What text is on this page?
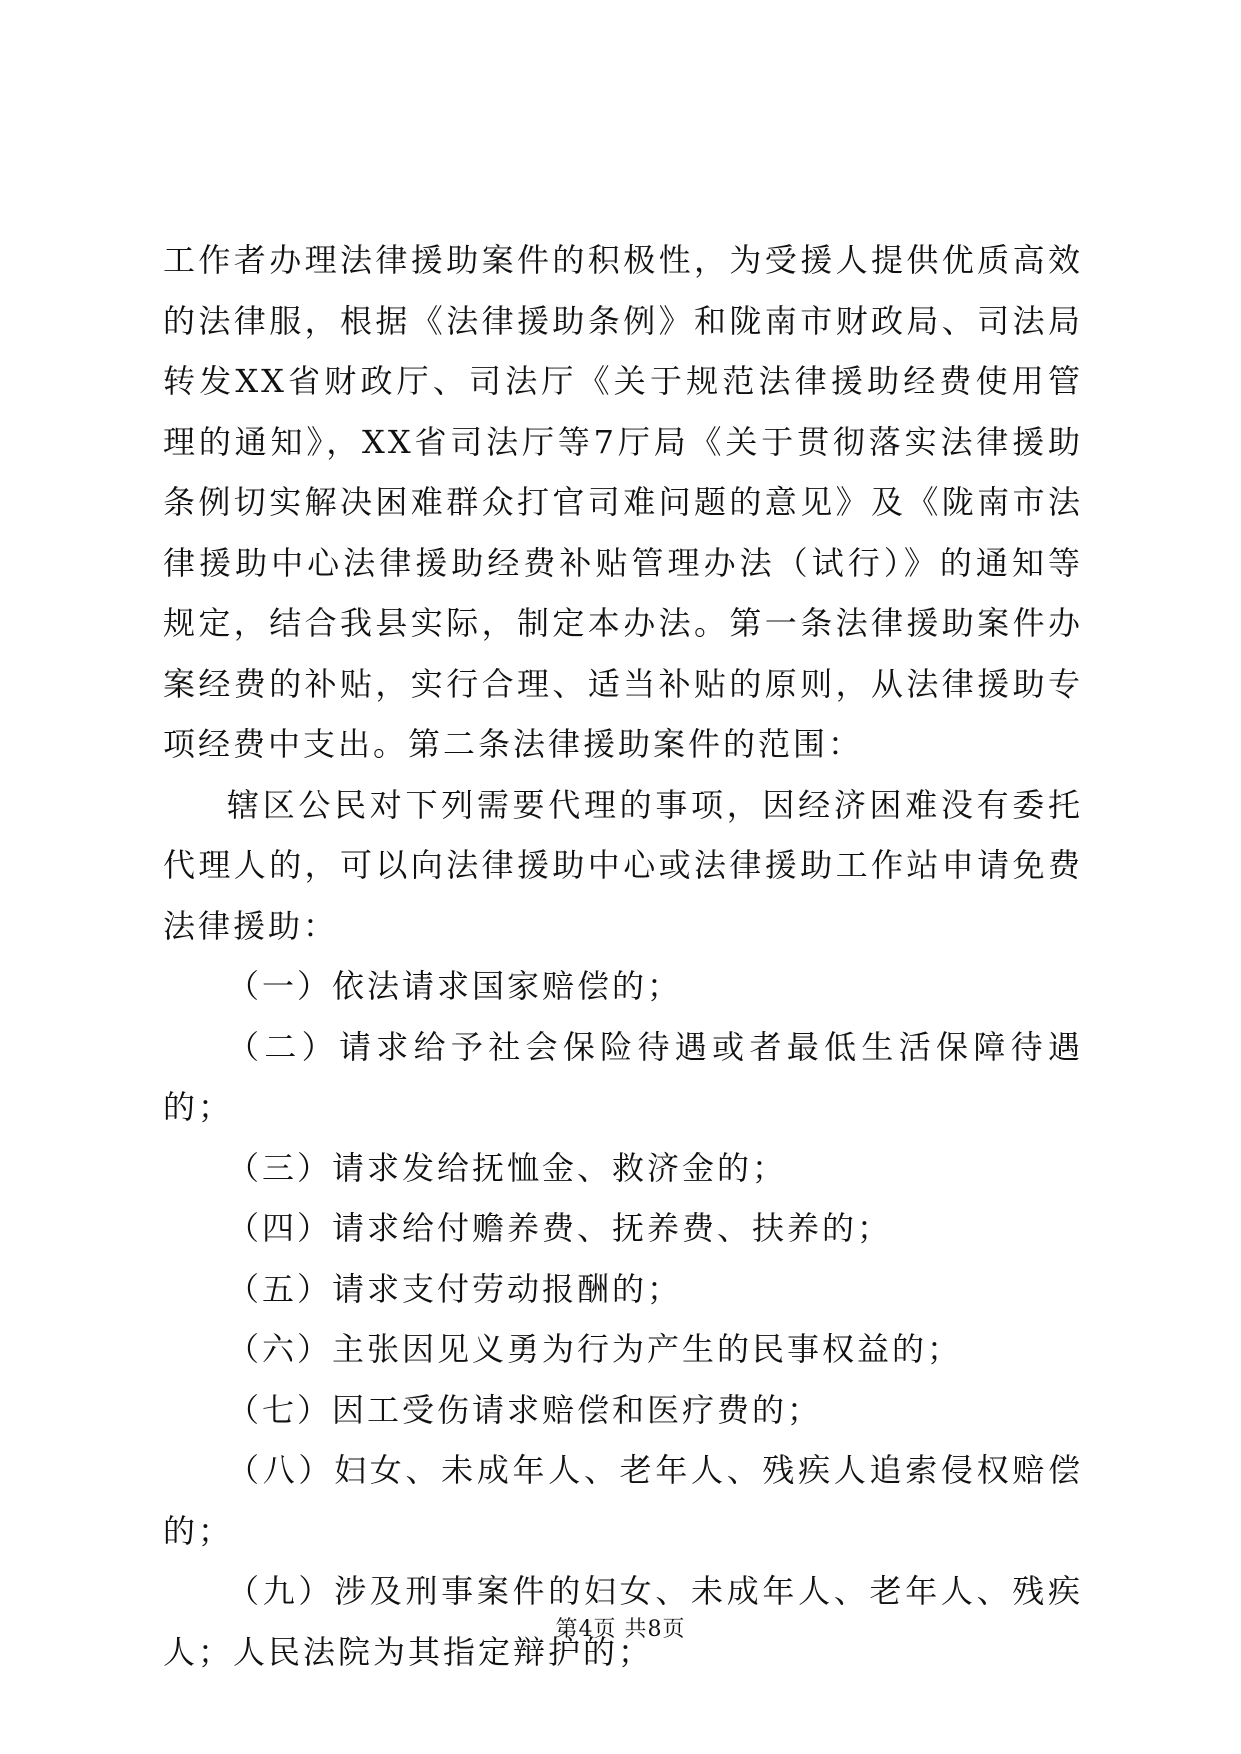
工作者办理法律援助案件的积极性，为受援人提供优质高效的法律服，根据《法律援助条例》和陇南市财政局、司法局转发XX省财政厅、司法厅《关于规范法律援助经费使用管理的通知》，XX省司法厅等7厅局《关于贯彻落实法律援助条例切实解决困难群众打官司难问题的意见》及《陇南市法律援助中心法律援助经费补贴管理办法（试行）》的通知等规定，结合我县实际，制定本办法。第一条法律援助案件办案经费的补贴，实行合理、适当补贴的原则，从法律援助专项经费中支出。第二条法律援助案件的范围：

辖区公民对下列需要代理的事项，因经济困难没有委托代理人的，可以向法律援助中心或法律援助工作站申请免费法律援助：

（一）依法请求国家赔偿的；

（二）请求给予社会保险待遇或者最低生活保障待遇的；

（三）请求发给抚恤金、救济金的；

（四）请求给付赡养费、抚养费、扶养的；

（五）请求支付劳动报酬的；

（六）主张因见义勇为行为产生的民事权益的；

（七）因工受伤请求赔偿和医疗费的；

（八）妇女、未成年人、老年人、残疾人追索侵权赔偿的；

（九）涉及刑事案件的妇女、未成年人、老年人、残疾人；人民法院为其指定辩护的；

第4页 共8页
